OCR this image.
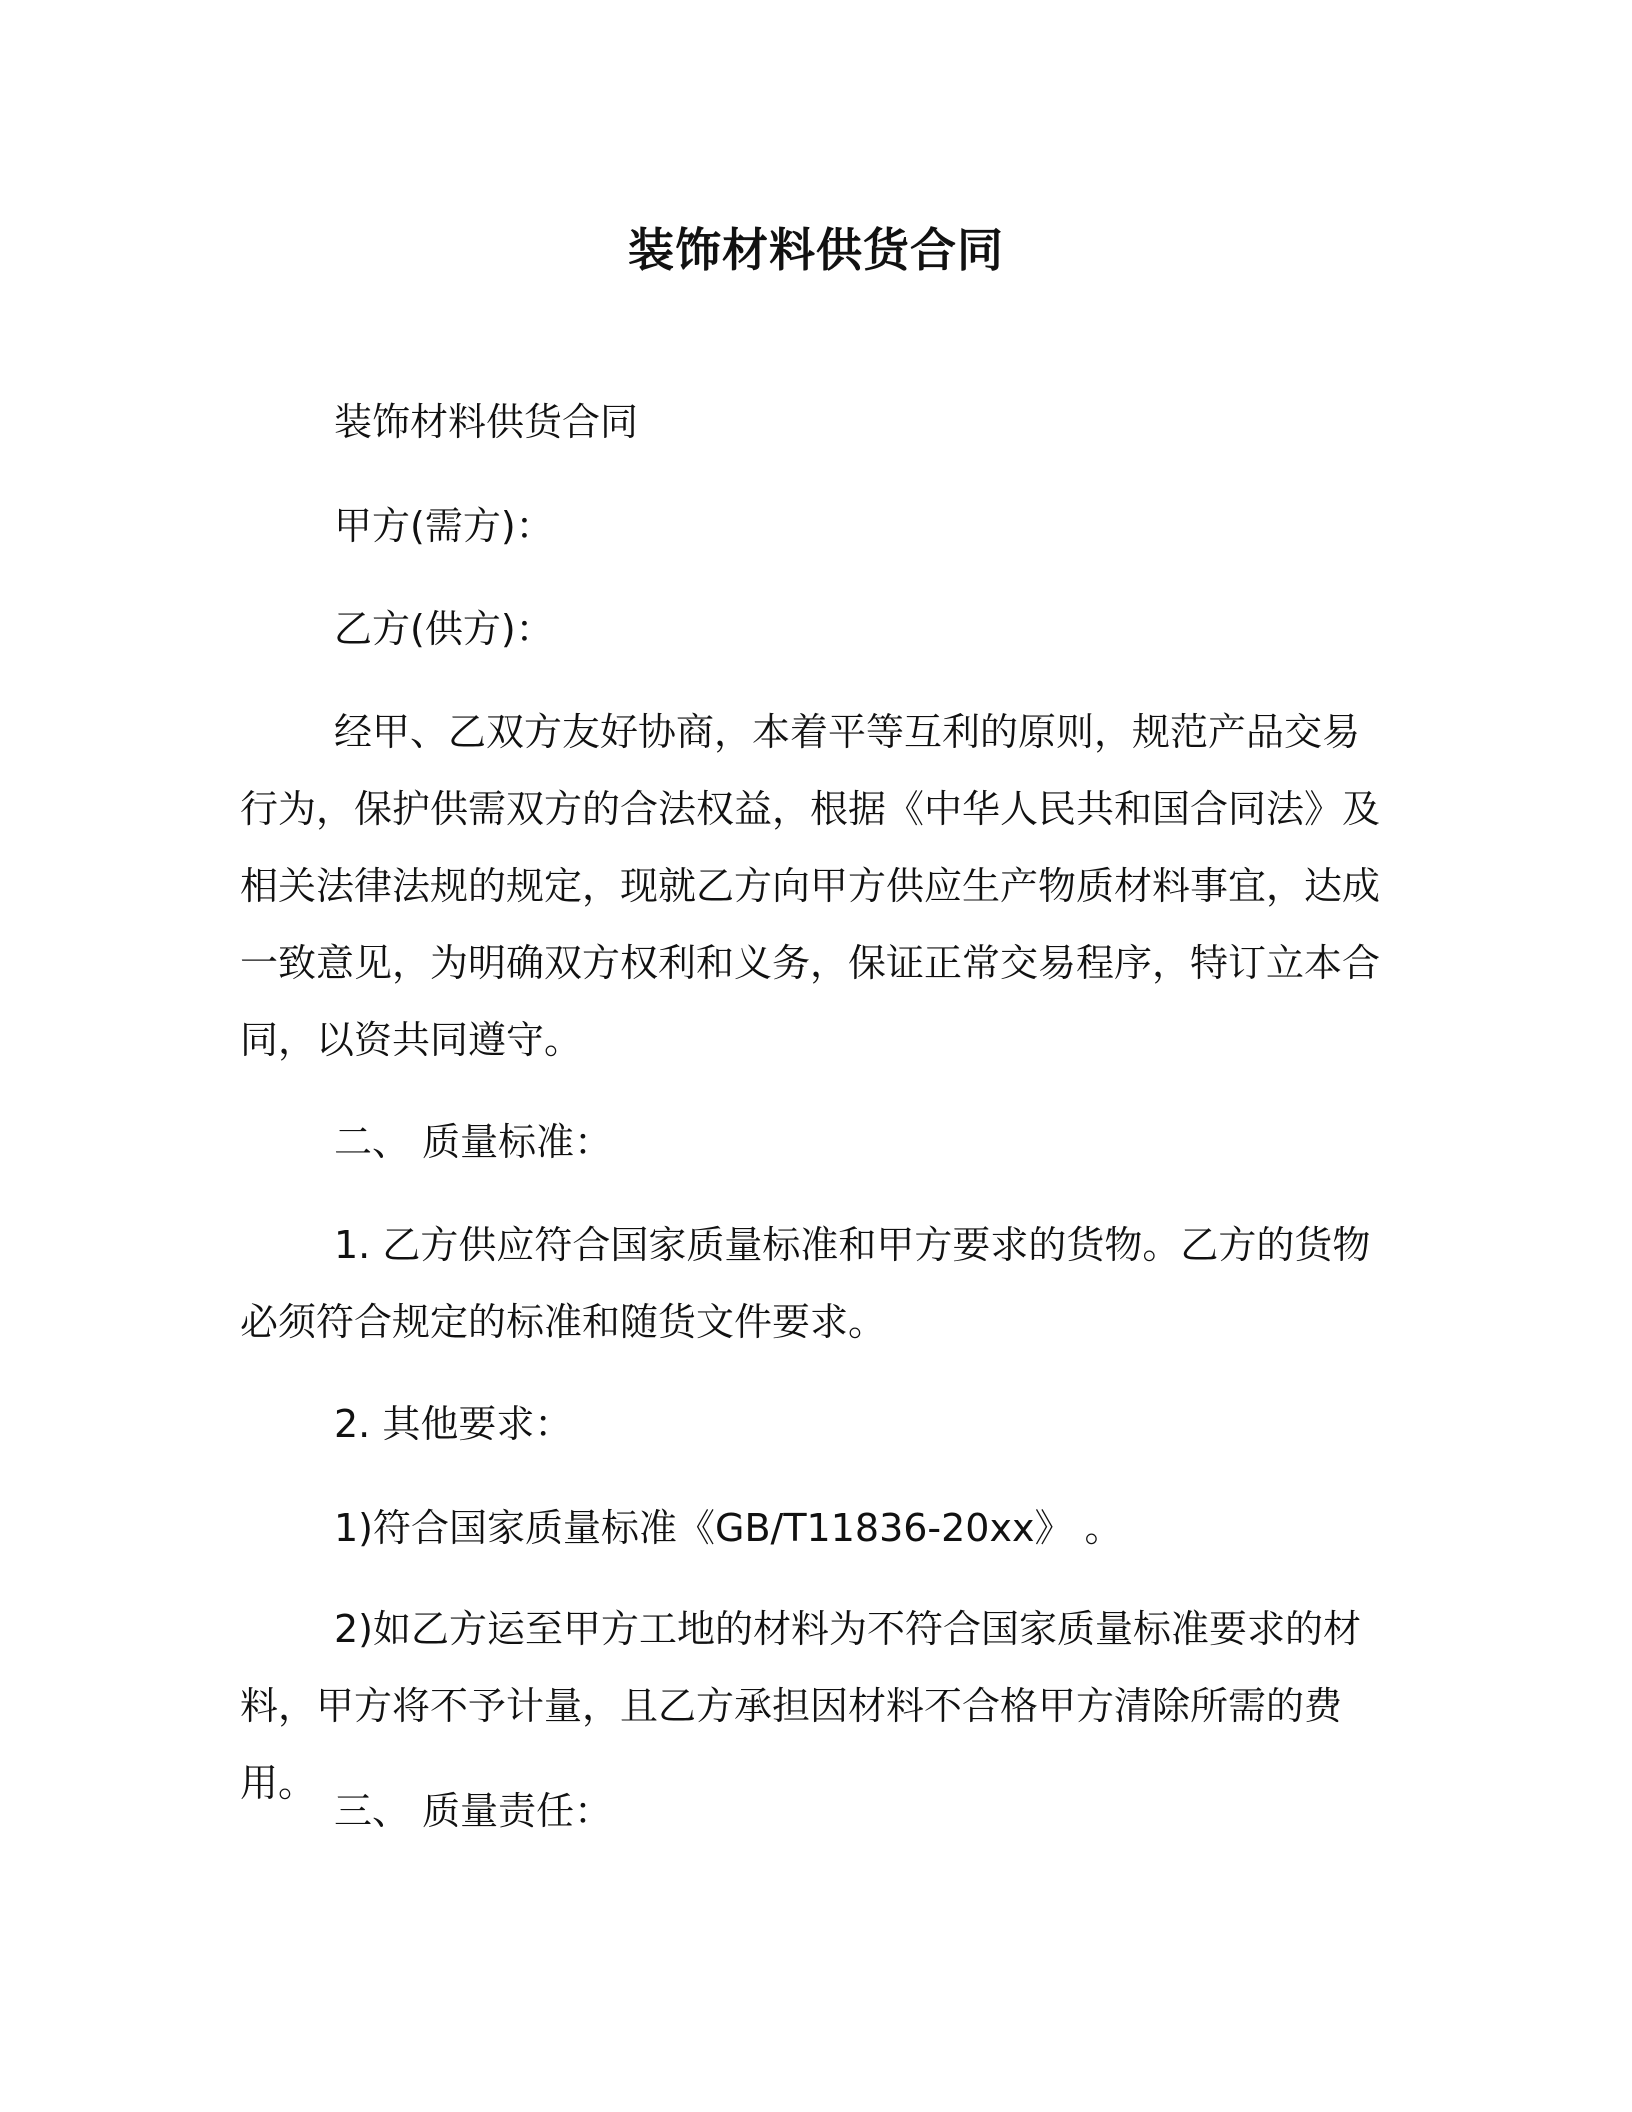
装饰材料供货合同

装饰材料供货合同

甲方(需方)：

乙方(供方)：

经甲、乙双方友好协商，本着平等互利的原则，规范产品交易行为，保护供需双方的合法权益，根据《中华人民共和国合同法》及相关法律法规的规定，现就乙方向甲方供应生产物质材料事宜，达成一致意见，为明确双方权利和义务，保证正常交易程序，特订立本合同，以资共同遵守。

二、 质量标准：

1. 乙方供应符合国家质量标准和甲方要求的货物。乙方的货物必须符合规定的标准和随货文件要求。

2. 其他要求：

1)符合国家质量标准《GB/T11836-20xx》 。

2)如乙方运至甲方工地的材料为不符合国家质量标准要求的材料，甲方将不予计量，且乙方承担因材料不合格甲方清除所需的费用。

三、 质量责任：
